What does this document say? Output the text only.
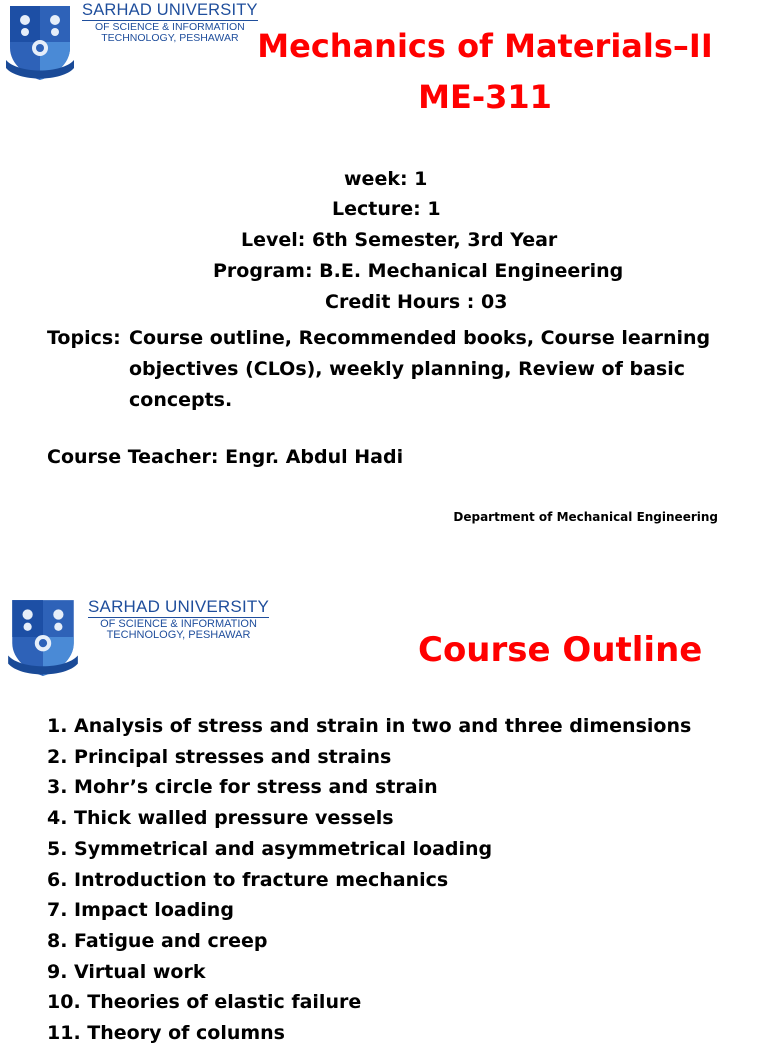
SARHAD UNIVERSITY
OF SCIENCE & INFORMATION
TECHNOLOGY, PESHAWAR Mechanics of Materials–II
ME-311
week: 1
Lecture: 1
Level: 6th Semester, 3rd Year
Program: B.E. Mechanical Engineering
Credit Hours : 03
Topics: Course outline, Recommended books, Course learning
objectives (CLOs), weekly planning, Review of basic
concepts.
Course Teacher: Engr. Abdul Hadi
Department of Mechanical Engineering
SARHAD UNIVERSITY
OF SCIENCE & INFORMATION
TECHNOLOGY, PESHAWAR	Course Outline
1. Analysis of stress and strain in two and three dimensions
2. Principal stresses and strains
3. Mohr’s circle for stress and strain
4. Thick walled pressure vessels
5. Symmetrical and asymmetrical loading
6. Introduction to fracture mechanics
7. Impact loading
8. Fatigue and creep
9. Virtual work
10. Theories of elastic failure
11. Theory of columns
